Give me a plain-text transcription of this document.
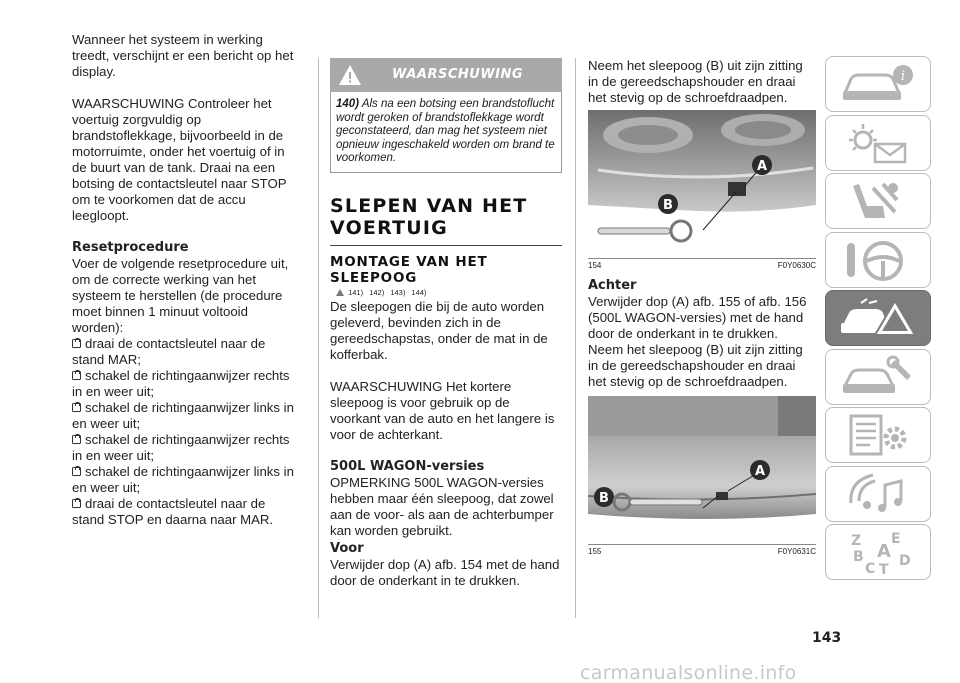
Wanneer het systeem in werking treedt, verschijnt er een bericht op het display.

WAARSCHUWING Controleer het voertuig zorgvuldig op brandstoflekkage, bijvoorbeeld in de motorruimte, onder het voertuig of in de buurt van de tank. Draai na een botsing de contactsleutel naar STOP om te voorkomen dat de accu leegloopt.

Resetprocedure

Voer de volgende resetprocedure uit, om de correcte werking van het systeem te herstellen (de procedure moet binnen 1 minuut voltooid worden):

draai de contactsleutel naar de stand MAR;

schakel de richtingaanwijzer rechts in en weer uit;

schakel de richtingaanwijzer links in en weer uit;

schakel de richtingaanwijzer rechts in en weer uit;

schakel de richtingaanwijzer links in en weer uit;

draai de contactsleutel naar de stand STOP en daarna naar MAR.

WAARSCHUWING
140) Als na een botsing een brandstoflucht wordt geroken of brandstoflekkage wordt geconstateerd, dan mag het systeem niet opnieuw ingeschakeld worden om brand te voorkomen.
SLEPEN VAN HET VOERTUIG
MONTAGE VAN HET SLEEPOOG
141) 142) 143) 144)

De sleepogen die bij de auto worden geleverd, bevinden zich in de gereedschapstas, onder de mat in de kofferbak.

WAARSCHUWING Het kortere sleepoog is voor gebruik op de voorkant van de auto en het langere is voor de achterkant.

500L WAGON-versies

OPMERKING 500L WAGON-versies hebben maar één sleepoog, dat zowel aan de voor- als aan de achterbumper kan worden gebruikt.

Voor

Verwijder dop (A) afb. 154 met de hand door de onderkant in te drukken.

Neem het sleepoog (B) uit zijn zitting in de gereedschapshouder en draai het stevig op de schroefdraadpen.

A
B
154	F0Y0630C
Achter

Verwijder dop (A) afb. 155 of afb. 156 (500L WAGON-versies) met de hand door de onderkant in te drukken. Neem het sleepoog (B) uit zijn zitting in de gereedschapshouder en draai het stevig op de schroefdraadpen.

A
B
155	F0Y0631C
i
Z E
B A
C T
D
143
carmanualsonline.info
